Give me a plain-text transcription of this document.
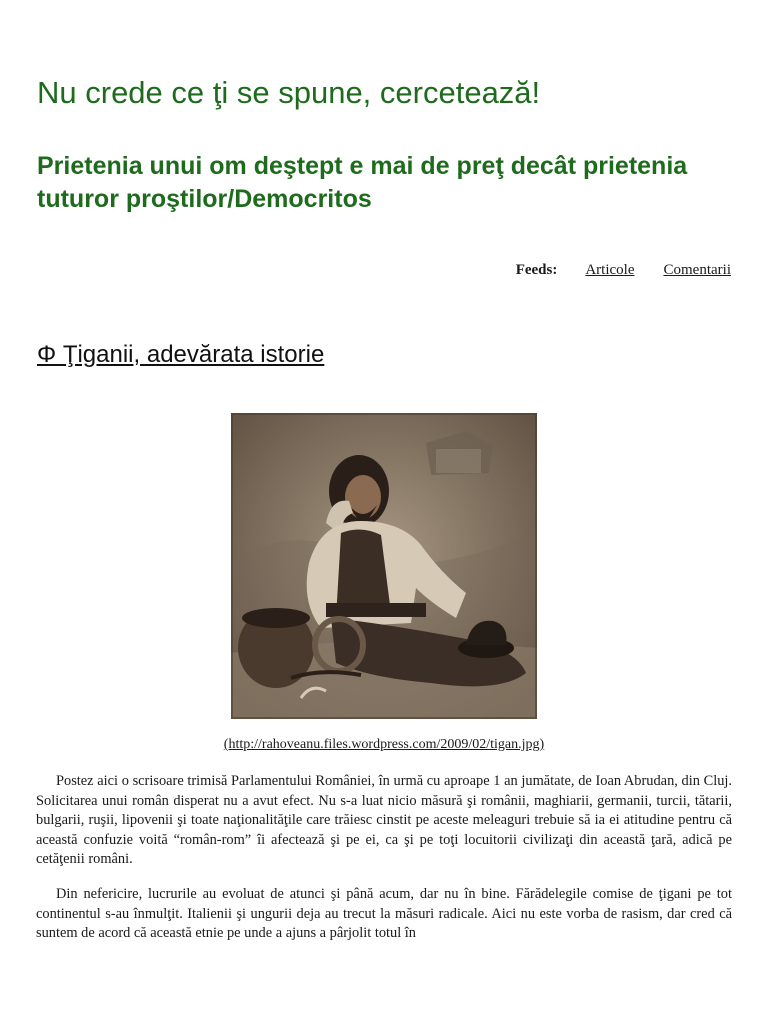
Nu crede ce ţi se spune, cercetează!
Prietenia unui om deştept e mai de preţ decât prietenia tuturor proştilor/Democritos
Feeds: Articole Comentarii
Φ Ţiganii, adevărata istorie
(http://rahoveanu.files.wordpress.com/2009/02/tigan.jpg)

Postez aici o scrisoare trimisă Parlamentului României, în urmă cu aproape 1 an jumătate, de Ioan Abrudan, din Cluj. Solicitarea unui român disperat nu a avut efect. Nu s-a luat nicio măsură şi românii, maghiarii, germanii, turcii, tătarii, bulgarii, ruşii, lipovenii şi toate naţionalităţile care trăiesc cinstit pe aceste meleaguri trebuie să ia ei atitudine pentru că această confuzie voită “român-rom” îi afectează şi pe ei, ca şi pe toţi locuitorii civilizaţi din această ţară, adică pe cetăţenii români.

Din nefericire, lucrurile au evoluat de atunci şi până acum, dar nu în bine. Fărădelegile comise de ţigani pe tot continentul s-au înmulţit. Italienii şi ungurii deja au trecut la măsuri radicale. Aici nu este vorba de rasism, dar cred că suntem de acord că această etnie pe unde a ajuns a pârjolit totul în
